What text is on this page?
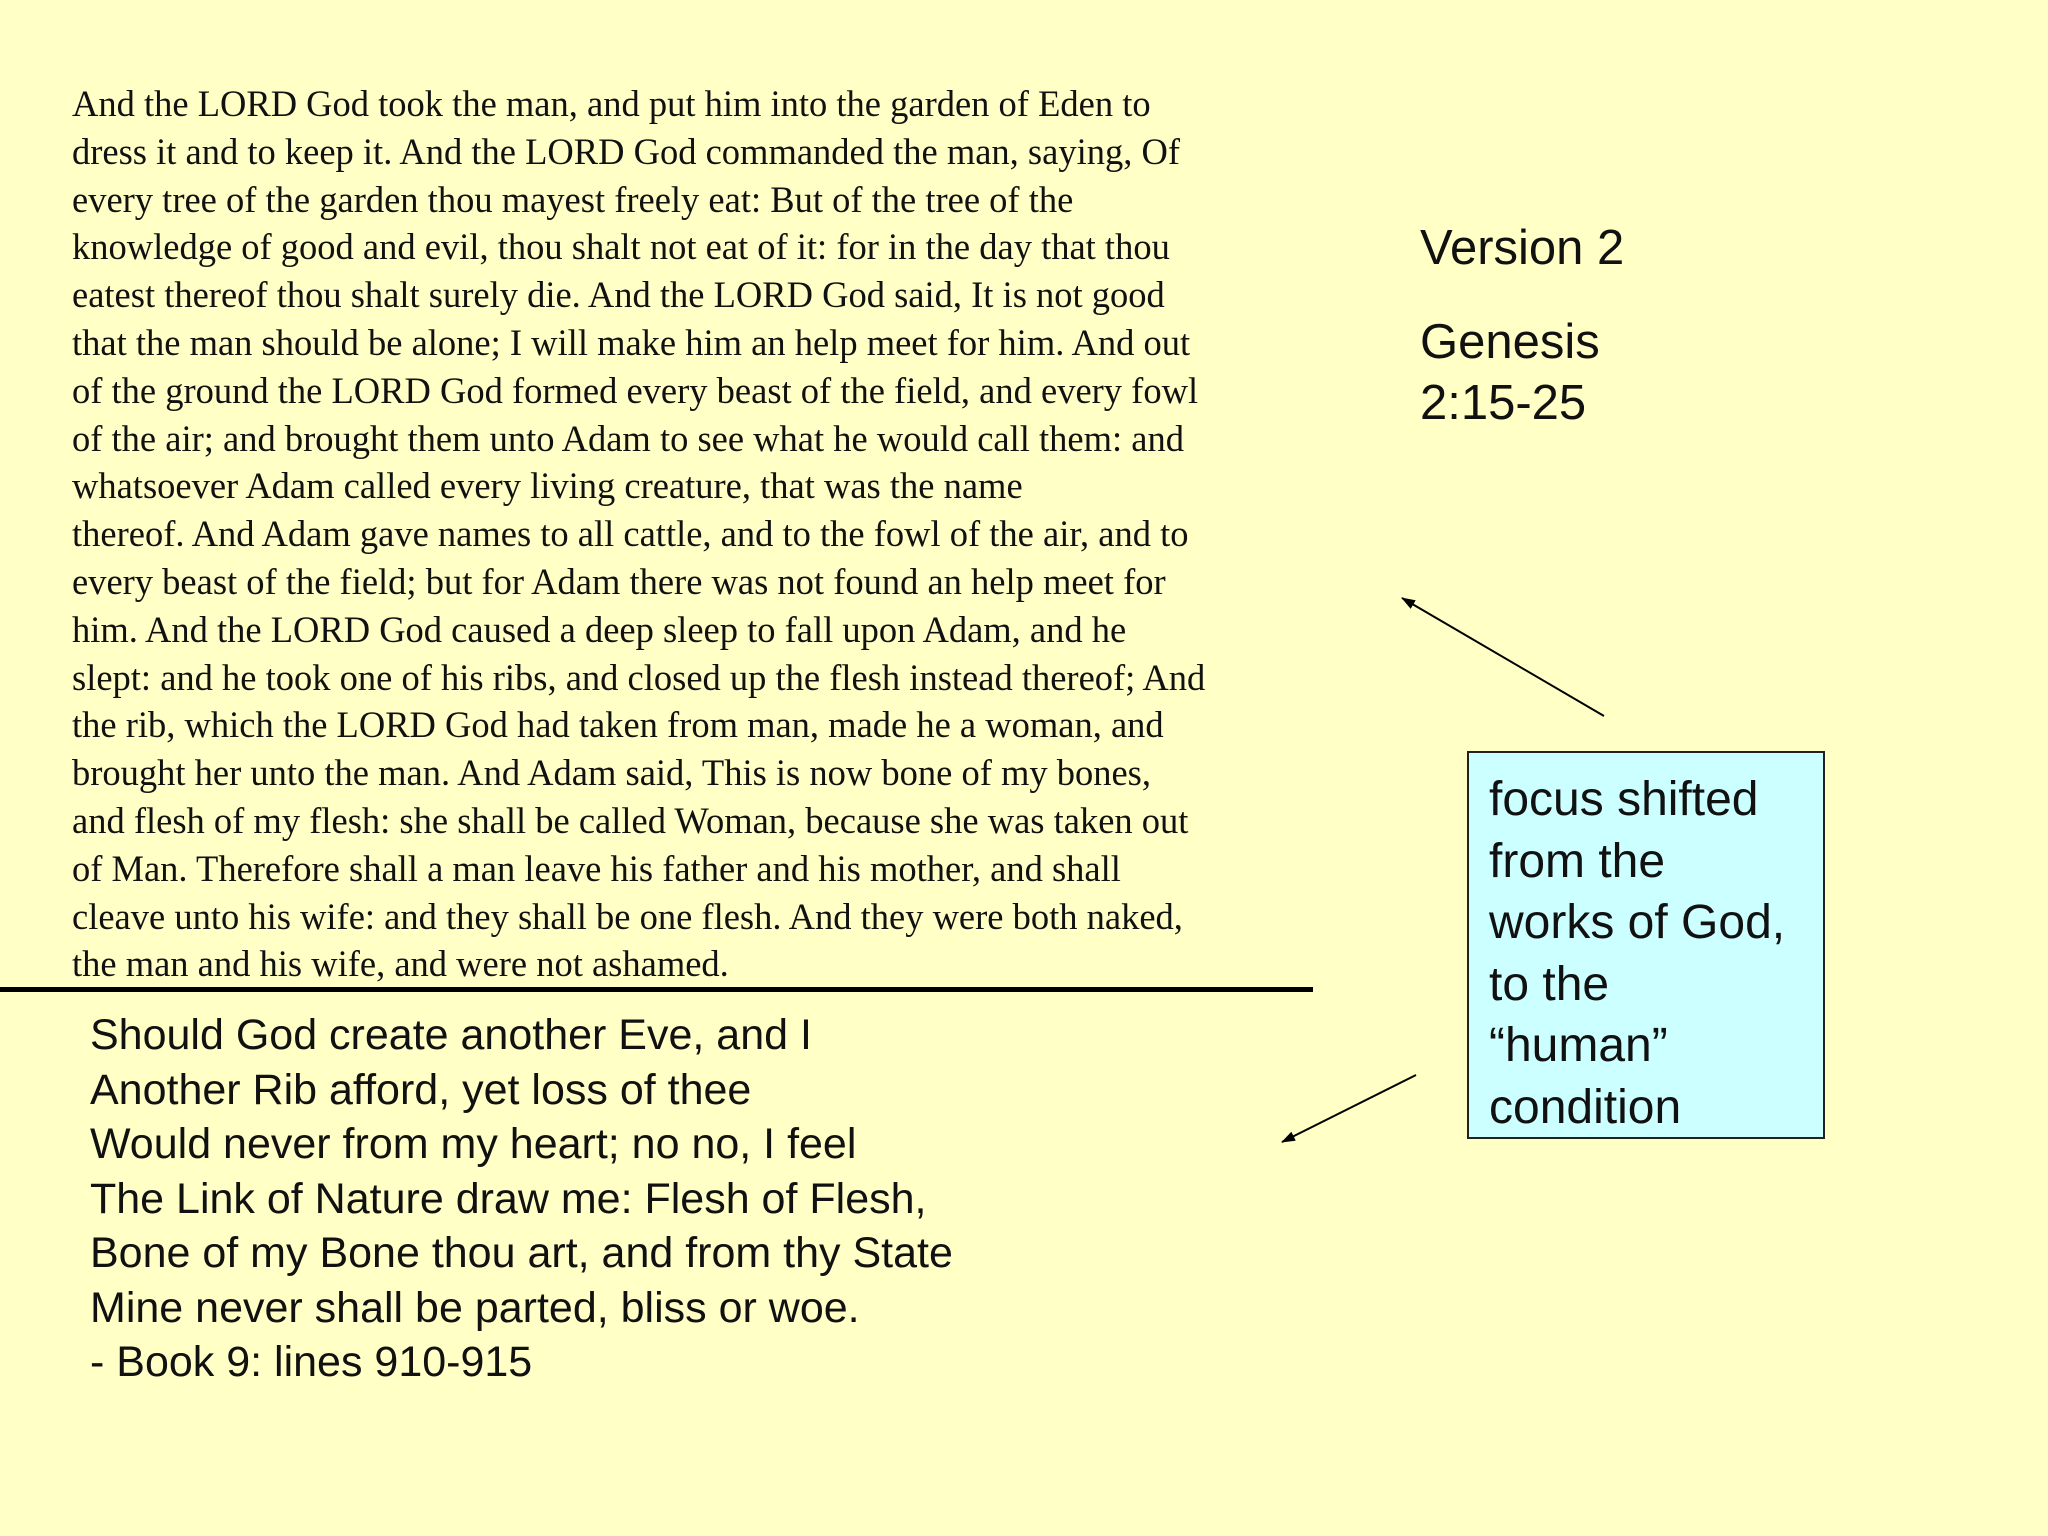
And the LORD God took the man, and put him into the garden of Eden to
dress it and to keep it. And the LORD God commanded the man, saying, Of
every tree of the garden thou mayest freely eat: But of the tree of the
knowledge of good and evil, thou shalt not eat of it: for in the day that thou
eatest thereof thou shalt surely die. And the LORD God said, It is not good
that the man should be alone; I will make him an help meet for him. And out
of the ground the LORD God formed every beast of the field, and every fowl
of the air; and brought them unto Adam to see what he would call them: and
whatsoever Adam called every living creature, that was the name
thereof. And Adam gave names to all cattle, and to the fowl of the air, and to
every beast of the field; but for Adam there was not found an help meet for
him. And the LORD God caused a deep sleep to fall upon Adam, and he
slept: and he took one of his ribs, and closed up the flesh instead thereof; And
the rib, which the LORD God had taken from man, made he a woman, and
brought her unto the man. And Adam said, This is now bone of my bones,
and flesh of my flesh: she shall be called Woman, because she was taken out
of Man. Therefore shall a man leave his father and his mother, and shall
cleave unto his wife: and they shall be one flesh. And they were both naked,
the man and his wife, and were not ashamed.
Version 2
Genesis 2:15-25
focus shifted
from the
works of God,
to the
“human”
condition
Should God create another Eve, and I
Another Rib afford, yet loss of thee
Would never from my heart; no no, I feel
The Link of Nature draw me: Flesh of Flesh,
Bone of my Bone thou art, and from thy State
Mine never shall be parted, bliss or woe.
- Book 9: lines 910-915
